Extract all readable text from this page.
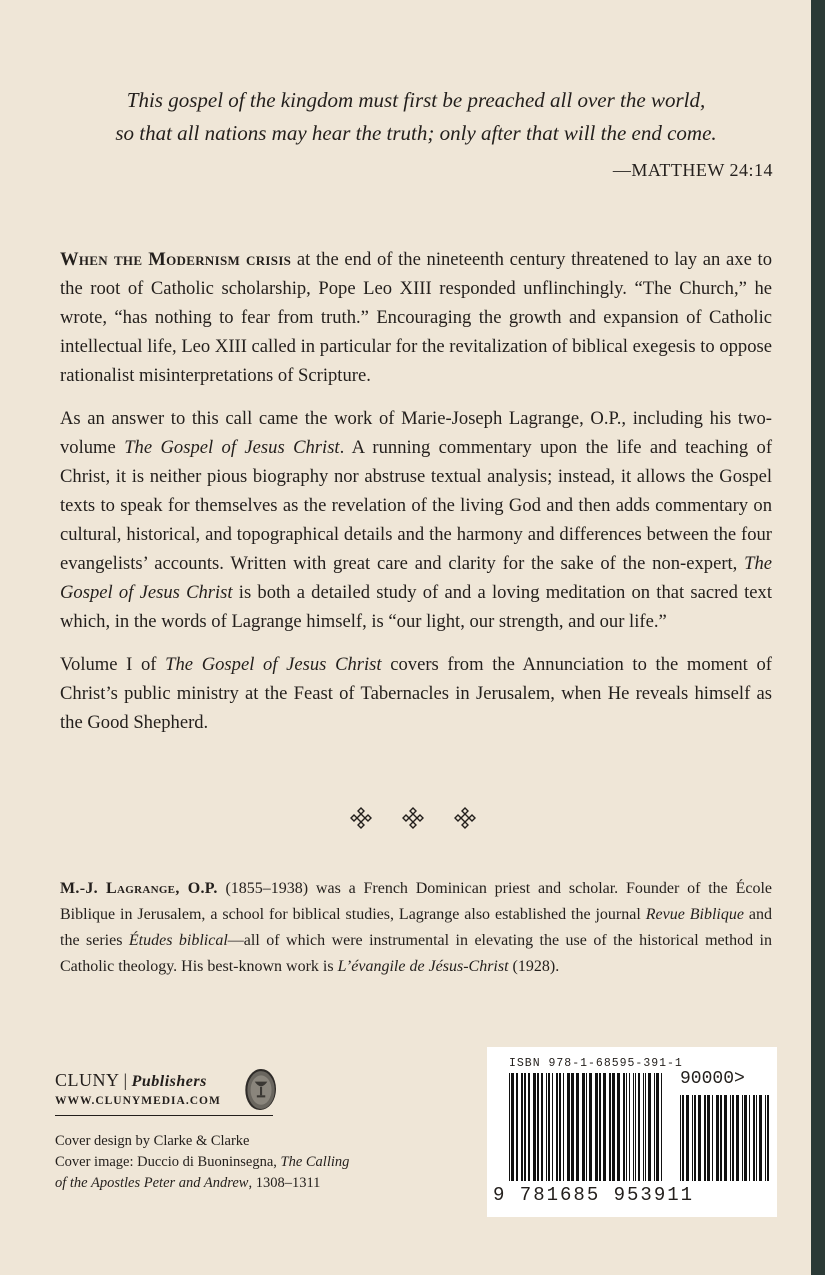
This gospel of the kingdom must first be preached all over the world,
so that all nations may hear the truth; only after that will the end come.
—MATTHEW 24:14

When the Modernism crisis at the end of the nineteenth century threatened to lay an axe to the root of Catholic scholarship, Pope Leo XIII responded unflinchingly. “The Church,” he wrote, “has nothing to fear from truth.” Encouraging the growth and expansion of Catholic intellectual life, Leo XIII called in particular for the revitalization of biblical exegesis to oppose rationalist misinterpretations of Scripture.

As an answer to this call came the work of Marie-Joseph Lagrange, O.P., including his two-volume The Gospel of Jesus Christ. A running commentary upon the life and teaching of Christ, it is neither pious biography nor abstruse textual analysis; instead, it allows the Gospel texts to speak for themselves as the revelation of the living God and then adds commentary on cultural, historical, and topographical details and the harmony and differences between the four evangelists’ accounts. Written with great care and clarity for the sake of the non-expert, The Gospel of Jesus Christ is both a detailed study of and a loving meditation on that sacred text which, in the words of Lagrange himself, is “our light, our strength, and our life.”

Volume I of The Gospel of Jesus Christ covers from the Annunciation to the moment of Christ’s public ministry at the Feast of Tabernacles in Jerusalem, when He reveals himself as the Good Shepherd.

M.-J. Lagrange, O.P. (1855–1938) was a French Dominican priest and scholar. Founder of the École Biblique in Jerusalem, a school for biblical studies, Lagrange also established the journal Revue Biblique and the series Études biblical—all of which were instrumental in elevating the use of the historical method in Catholic theology. His best-known work is L’évangile de Jésus-Christ (1928).

CLUNY | Publishers
WWW.CLUNYMEDIA.COM
Cover design by Clarke & Clarke
Cover image: Duccio di Buoninsegna, The Calling
of the Apostles Peter and Andrew, 1308–1311
ISBN 978-1-68595-391-1
90000>
9 781685 953911
